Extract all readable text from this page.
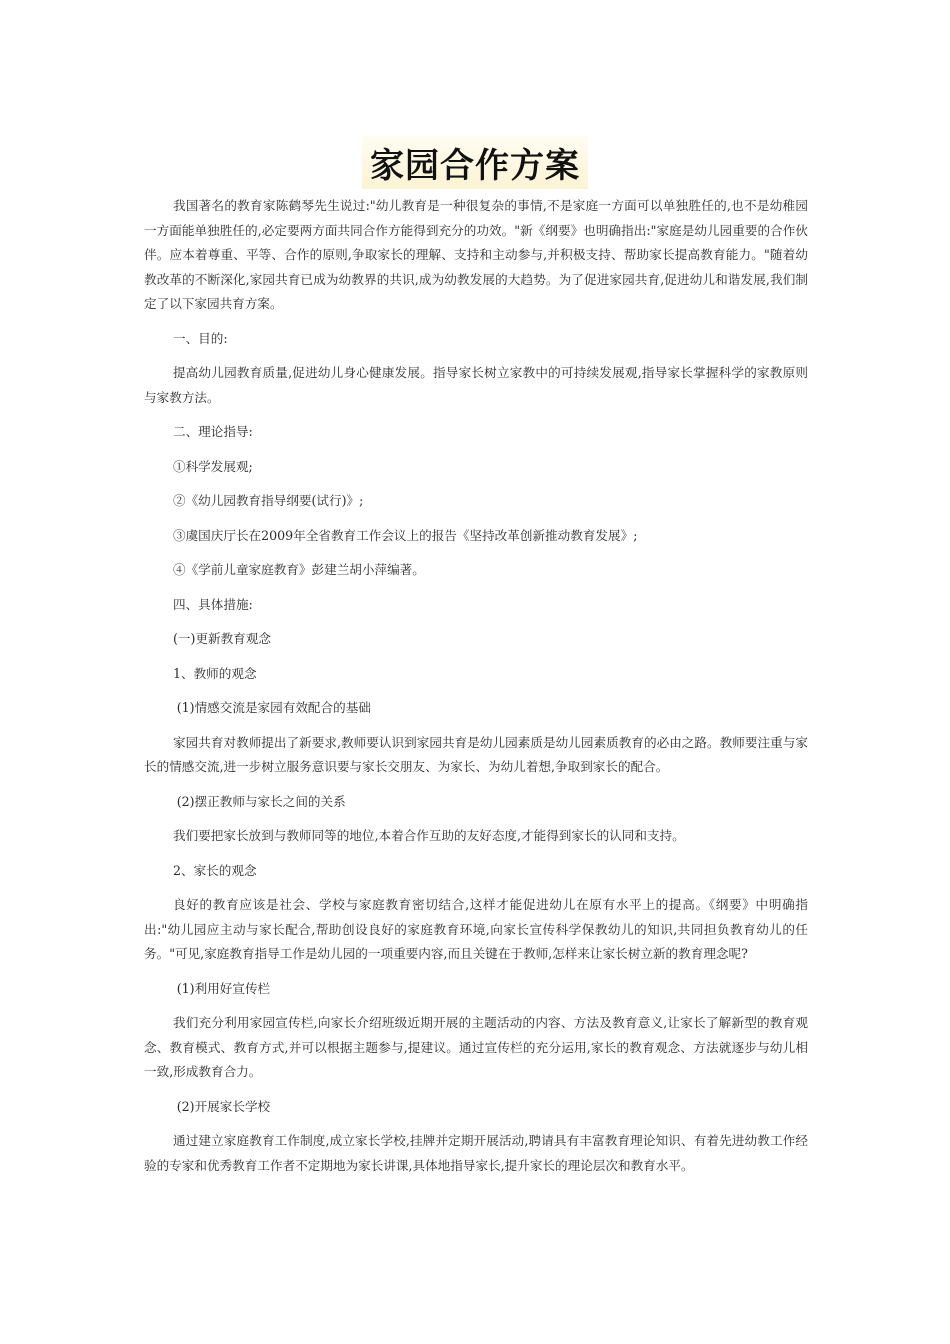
家园合作方案

我国著名的教育家陈鹤琴先生说过:"幼儿教育是一种很复杂的事情,不是家庭一方面可以单独胜任的,也不是幼稚园一方面能单独胜任的,必定要两方面共同合作方能得到充分的功效。"新《纲要》也明确指出:"家庭是幼儿园重要的合作伙伴。应本着尊重、平等、合作的原则,争取家长的理解、支持和主动参与,并积极支持、帮助家长提高教育能力。"随着幼教改革的不断深化,家园共育已成为幼教界的共识,成为幼教发展的大趋势。为了促进家园共育,促进幼儿和谐发展,我们制定了以下家园共育方案。

一、目的:

提高幼儿园教育质量,促进幼儿身心健康发展。指导家长树立家教中的可持续发展观,指导家长掌握科学的家教原则与家教方法。

二、理论指导:

①科学发展观;

②《幼儿园教育指导纲要(试行)》;

③虞国庆厅长在2009年全省教育工作会议上的报告《坚持改革创新推动教育发展》;

④《学前儿童家庭教育》彭建兰胡小萍编著。

四、具体措施:

(一)更新教育观念

1、教师的观念

(1)情感交流是家园有效配合的基础

家园共育对教师提出了新要求,教师要认识到家园共育是幼儿园素质是幼儿园素质教育的必由之路。教师要注重与家长的情感交流,进一步树立服务意识要与家长交朋友、为家长、为幼儿着想,争取到家长的配合。

(2)摆正教师与家长之间的关系

我们要把家长放到与教师同等的地位,本着合作互助的友好态度,才能得到家长的认同和支持。

2、家长的观念

良好的教育应该是社会、学校与家庭教育密切结合,这样才能促进幼儿在原有水平上的提高。《纲要》中明确指出:"幼儿园应主动与家长配合,帮助创设良好的家庭教育环境,向家长宣传科学保教幼儿的知识,共同担负教育幼儿的任务。"可见,家庭教育指导工作是幼儿园的一项重要内容,而且关键在于教师,怎样来让家长树立新的教育理念呢?

(1)利用好宣传栏

我们充分利用家园宣传栏,向家长介绍班级近期开展的主题活动的内容、方法及教育意义,让家长了解新型的教育观念、教育模式、教育方式,并可以根据主题参与,提建议。通过宣传栏的充分运用,家长的教育观念、方法就逐步与幼儿相一致,形成教育合力。

(2)开展家长学校

通过建立家庭教育工作制度,成立家长学校,挂牌并定期开展活动,聘请具有丰富教育理论知识、有着先进幼教工作经验的专家和优秀教育工作者不定期地为家长讲课,具体地指导家长,提升家长的理论层次和教育水平。
